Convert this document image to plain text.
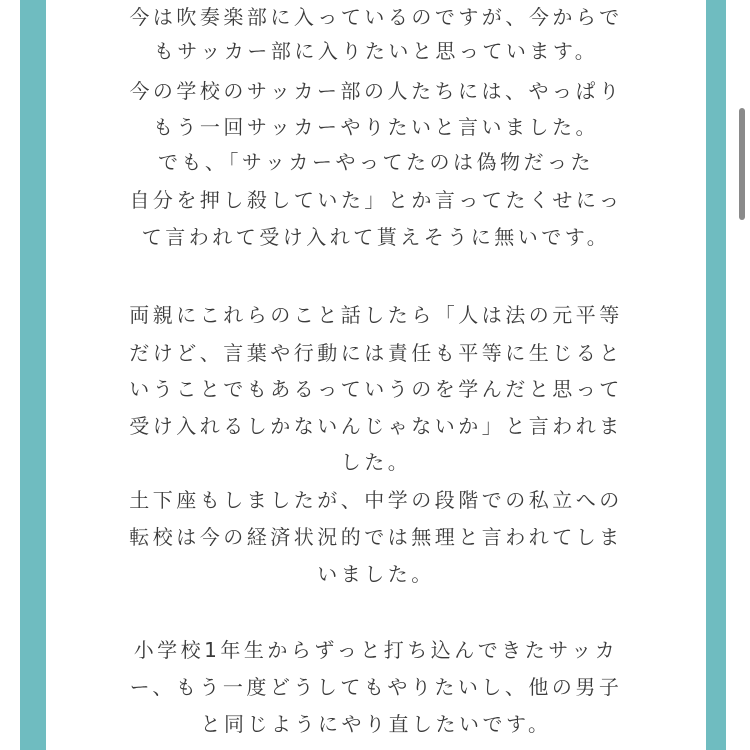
今は吹奏楽部に入っているのですが、今からで
もサッカー部に入りたいと思っています。
今の学校のサッカー部の人たちには、やっぱり
もう一回サッカーやりたいと言いました。
でも、「サッカーやってたのは偽物だった
自分を押し殺していた」とか言ってたくせにっ
て言われて受け入れて貰えそうに無いです。
両親にこれらのこと話したら「人は法の元平等
だけど、言葉や行動には責任も平等に生じると
いうことでもあるっていうのを学んだと思って
受け入れるしかないんじゃないか」と言われま
した。
土下座もしましたが、中学の段階での私立への
転校は今の経済状況的では無理と言われてしま
いました。
小学校1年生からずっと打ち込んできたサッカ
ー、もう一度どうしてもやりたいし、他の男子
と同じようにやり直したいです。
